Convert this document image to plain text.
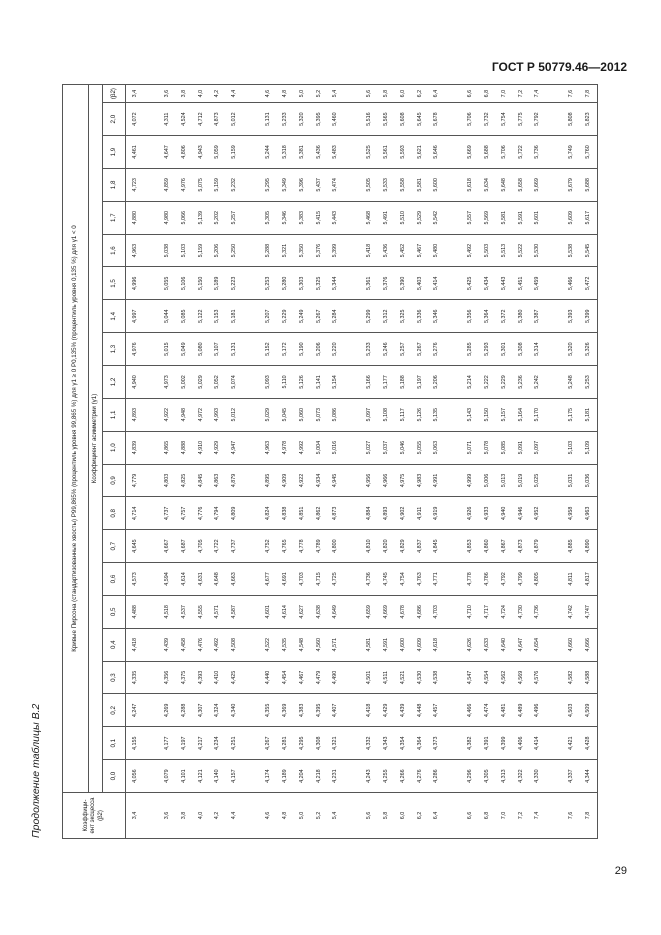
ГОСТ Р 50779.46—2012
Продолжение таблицы В.2	Коэффици- ент эксцесса (β2)	Кривые Пирсона (стандартизованные хвосты) P99,865% (процентиль уровня 99,865 %) для γ1 ≥ 0 P0,135% (процентиль уровня 0,135 %) для γ1 < 0																					
	Коэффициент асимметрии (γ1)																					
	0,0	0,1	0,2	0,3	0,4	0,5	0,6	0,7	0,8	0,9	1,0	1,1	1,2	1,3	1,4	1,5	1,6	1,7	1,8	1,9	2,0	(β2)
3,4	4,056	4,155	4,247	4,335	4,418	4,488	4,573	4,645	4,714	4,779	4,839	4,893	4,940	4,976	4,997	4,996	4,963	4,880	4,723	4,461	4,072	3,4

3,6	4,079	4,177	4,269	4,356	4,439	4,518	4,594	4,667	4,737	4,803	4,865	4,922	4,973	5,015	5,044	5,055	5,038	4,980	4,859	4,647	4,311	3,6
3,8	4,101	4,197	4,288	4,375	4,458	4,537	4,614	4,687	4,757	4,825	4,888	4,948	5,002	5,049	5,085	5,106	5,103	5,066	4,976	4,806	4,524	3,8
4,0	4,121	4,217	4,307	4,393	4,476	4,555	4,631	4,705	4,776	4,845	4,910	4,972	5,029	5,080	5,122	5,150	5,159	5,139	5,075	4,943	4,712	4,0
4,2	4,140	4,234	4,324	4,410	4,492	4,571	4,648	4,722	4,794	4,863	4,929	4,993	5,052	5,107	5,153	5,189	5,206	5,202	5,159	5,059	4,873	4,2
4,4	4,157	4,251	4,340	4,425	4,508	4,587	4,663	4,737	4,809	4,879	4,947	5,012	5,074	5,131	5,181	5,223	5,250	5,257	5,232	5,159	5,012	4,4

4,6	4,174	4,267	4,355	4,440	4,522	4,601	4,677	4,752	4,824	4,895	4,963	5,029	5,093	5,152	5,207	5,253	5,288	5,305	5,295	5,244	5,131	4,6
4,8	4,189	4,281	4,369	4,454	4,535	4,614	4,691	4,765	4,838	4,909	4,978	5,045	5,110	5,172	5,229	5,280	5,321	5,346	5,349	5,318	5,233	4,8
5,0	4,204	4,295	4,383	4,467	4,548	4,627	4,703	4,778	4,851	4,922	4,992	5,060	5,126	5,190	5,249	5,303	5,350	5,383	5,396	5,381	5,320	5,0
5,2	4,218	4,308	4,395	4,479	4,560	4,638	4,715	4,789	4,862	4,934	5,004	5,073	5,141	5,206	5,267	5,325	5,376	5,415	5,437	5,436	5,395	5,2
5,4	4,231	4,321	4,407	4,490	4,571	4,649	4,725	4,800	4,873	4,945	5,016	5,086	5,154	5,220	5,284	5,344	5,399	5,443	5,474	5,483	5,460	5,4

5,6	4,243	4,332	4,418	4,501	4,581	4,659	4,736	4,810	4,884	4,956	5,027	5,097	5,166	5,233	5,299	5,361	5,418	5,468	5,505	5,525	5,516	5,6
5,8	4,255	4,343	4,429	4,511	4,591	4,669	4,745	4,820	4,893	4,966	5,037	5,108	5,177	5,246	5,312	5,376	5,436	5,491	5,533	5,561	5,565	5,8
6,0	4,266	4,354	4,439	4,521	4,600	4,678	4,754	4,829	4,902	4,975	5,046	5,117	5,188	5,257	5,325	5,390	5,452	5,510	5,558	5,593	5,608	6,0
6,2	4,276	4,364	4,448	4,530	4,609	4,686	4,763	4,837	4,911	4,983	5,055	5,126	5,197	5,267	5,336	5,403	5,467	5,529	5,581	5,621	5,645	6,2
6,4	4,286	4,373	4,457	4,538	4,618	4,703	4,771	4,845	4,919	4,991	5,063	5,135	5,206	5,276	5,346	5,414	5,480	5,542	5,600	5,646	5,678	6,4

6,6	4,296	4,382	4,466	4,547	4,626	4,710	4,778	4,853	4,926	4,999	5,071	5,143	5,214	5,285	5,356	5,425	5,492	5,557	5,618	5,669	5,706	6,6
6,8	4,305	4,391	4,474	4,554	4,633	4,717	4,786	4,860	4,933	5,006	5,078	5,150	5,222	5,293	5,364	5,434	5,503	5,569	5,634	5,688	5,732	6,8
7,0	4,313	4,399	4,481	4,562	4,640	4,724	4,792	4,867	4,940	5,013	5,085	5,157	5,229	5,301	5,372	5,443	5,513	5,581	5,648	5,706	5,754	7,0
7,2	4,322	4,406	4,489	4,569	4,647	4,730	4,799	4,873	4,946	5,019	5,091	5,164	5,236	5,308	5,380	5,451	5,522	5,591	5,658	5,722	5,775	7,2
7,4	4,330	4,414	4,496	4,576	4,654	4,736	4,805	4,879	4,952	5,025	5,097	5,170	5,242	5,314	5,387	5,459	5,530	5,601	5,669	5,736	5,792	7,4

7,6	4,337	4,421	4,503	4,582	4,660	4,742	4,811	4,885	4,958	5,031	5,103	5,175	5,248	5,320	5,393	5,466	5,538	5,609	5,679	5,749	5,808	7,6
7,8	4,344	4,428	4,509	4,588	4,666	4,747	4,817	4,890	4,963	5,036	5,109	5,181	5,253	5,326	5,399	5,472	5,545	5,617	5,688	5,760	5,823	7,8
29
